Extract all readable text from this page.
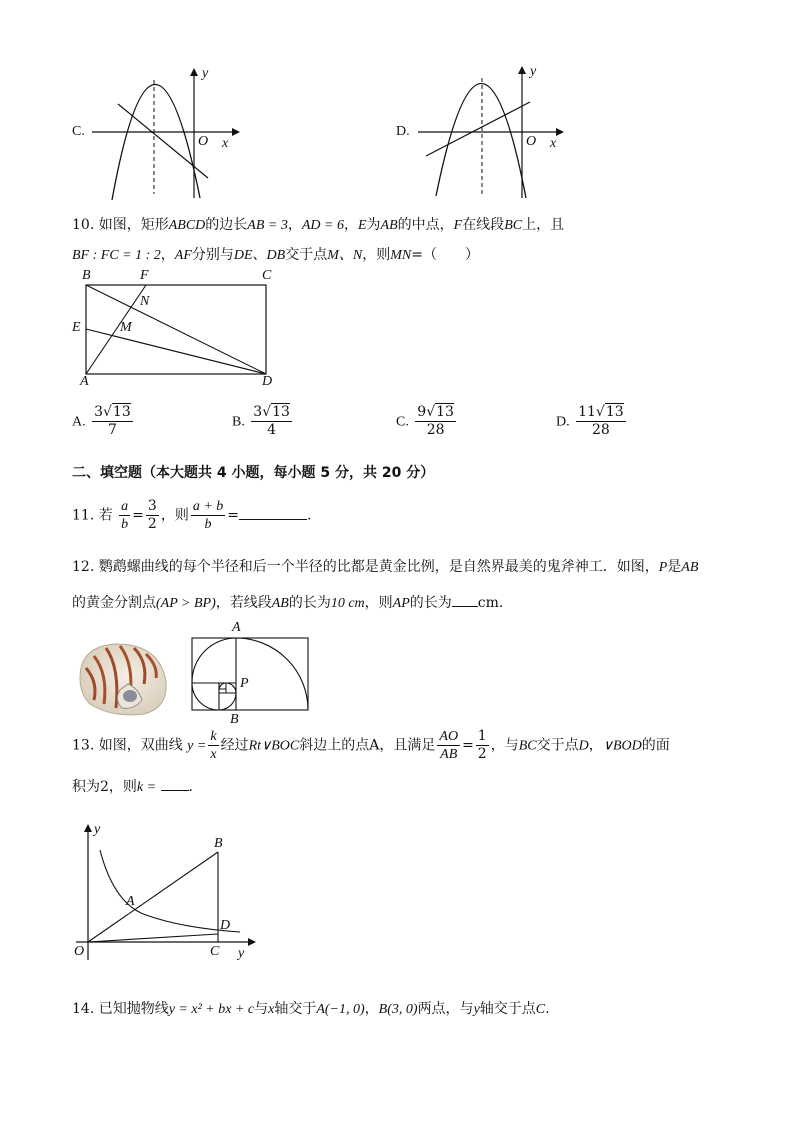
C.
y
x
O
D.
y
x
O
10. 如图，矩形ABCD的边长AB = 3，AD = 6，E为AB的中点，F在线段BC上，且
BF : FC = 1 : 2，AF分别与DE、DB交于点M、N，则MN=（　　）
B	F	C
N
E	M
A	D
A. $\frac{3√13}{7}$	B. $\frac{3√13}{4}$	C. $\frac{9√13}{28}$	D. $\frac{11√13}{28}$
二、填空题（本大题共 4 小题，每小题 5 分，共 20 分）
11. 若 $\frac{a}{b} = \frac{3}{2}$ ，则 $\frac{a + b}{b}$ =	.
12. 鹦鹉螺曲线的每个半径和后一个半径的比都是黄金比例，是自然界最美的鬼斧神工．如图，P是AB
的黄金分割点(AP > BP)，若线段AB的长为10 cm，则AP的长为 cm.
A
P
B
13. 如图，双曲线 $y = \frac{k}{x}$ 经过Rt∨BOC斜边上的点A，且满足 $\frac{AO}{AB} = \frac{1}{2}$ ，与BC交于点D，∨BOD的面
积为2，则k = .
y
B
A
D
O	C y
14. 已知抛物线y = x² + bx + c与x轴交于A(−1, 0)，B(3, 0)两点，与y轴交于点C.
